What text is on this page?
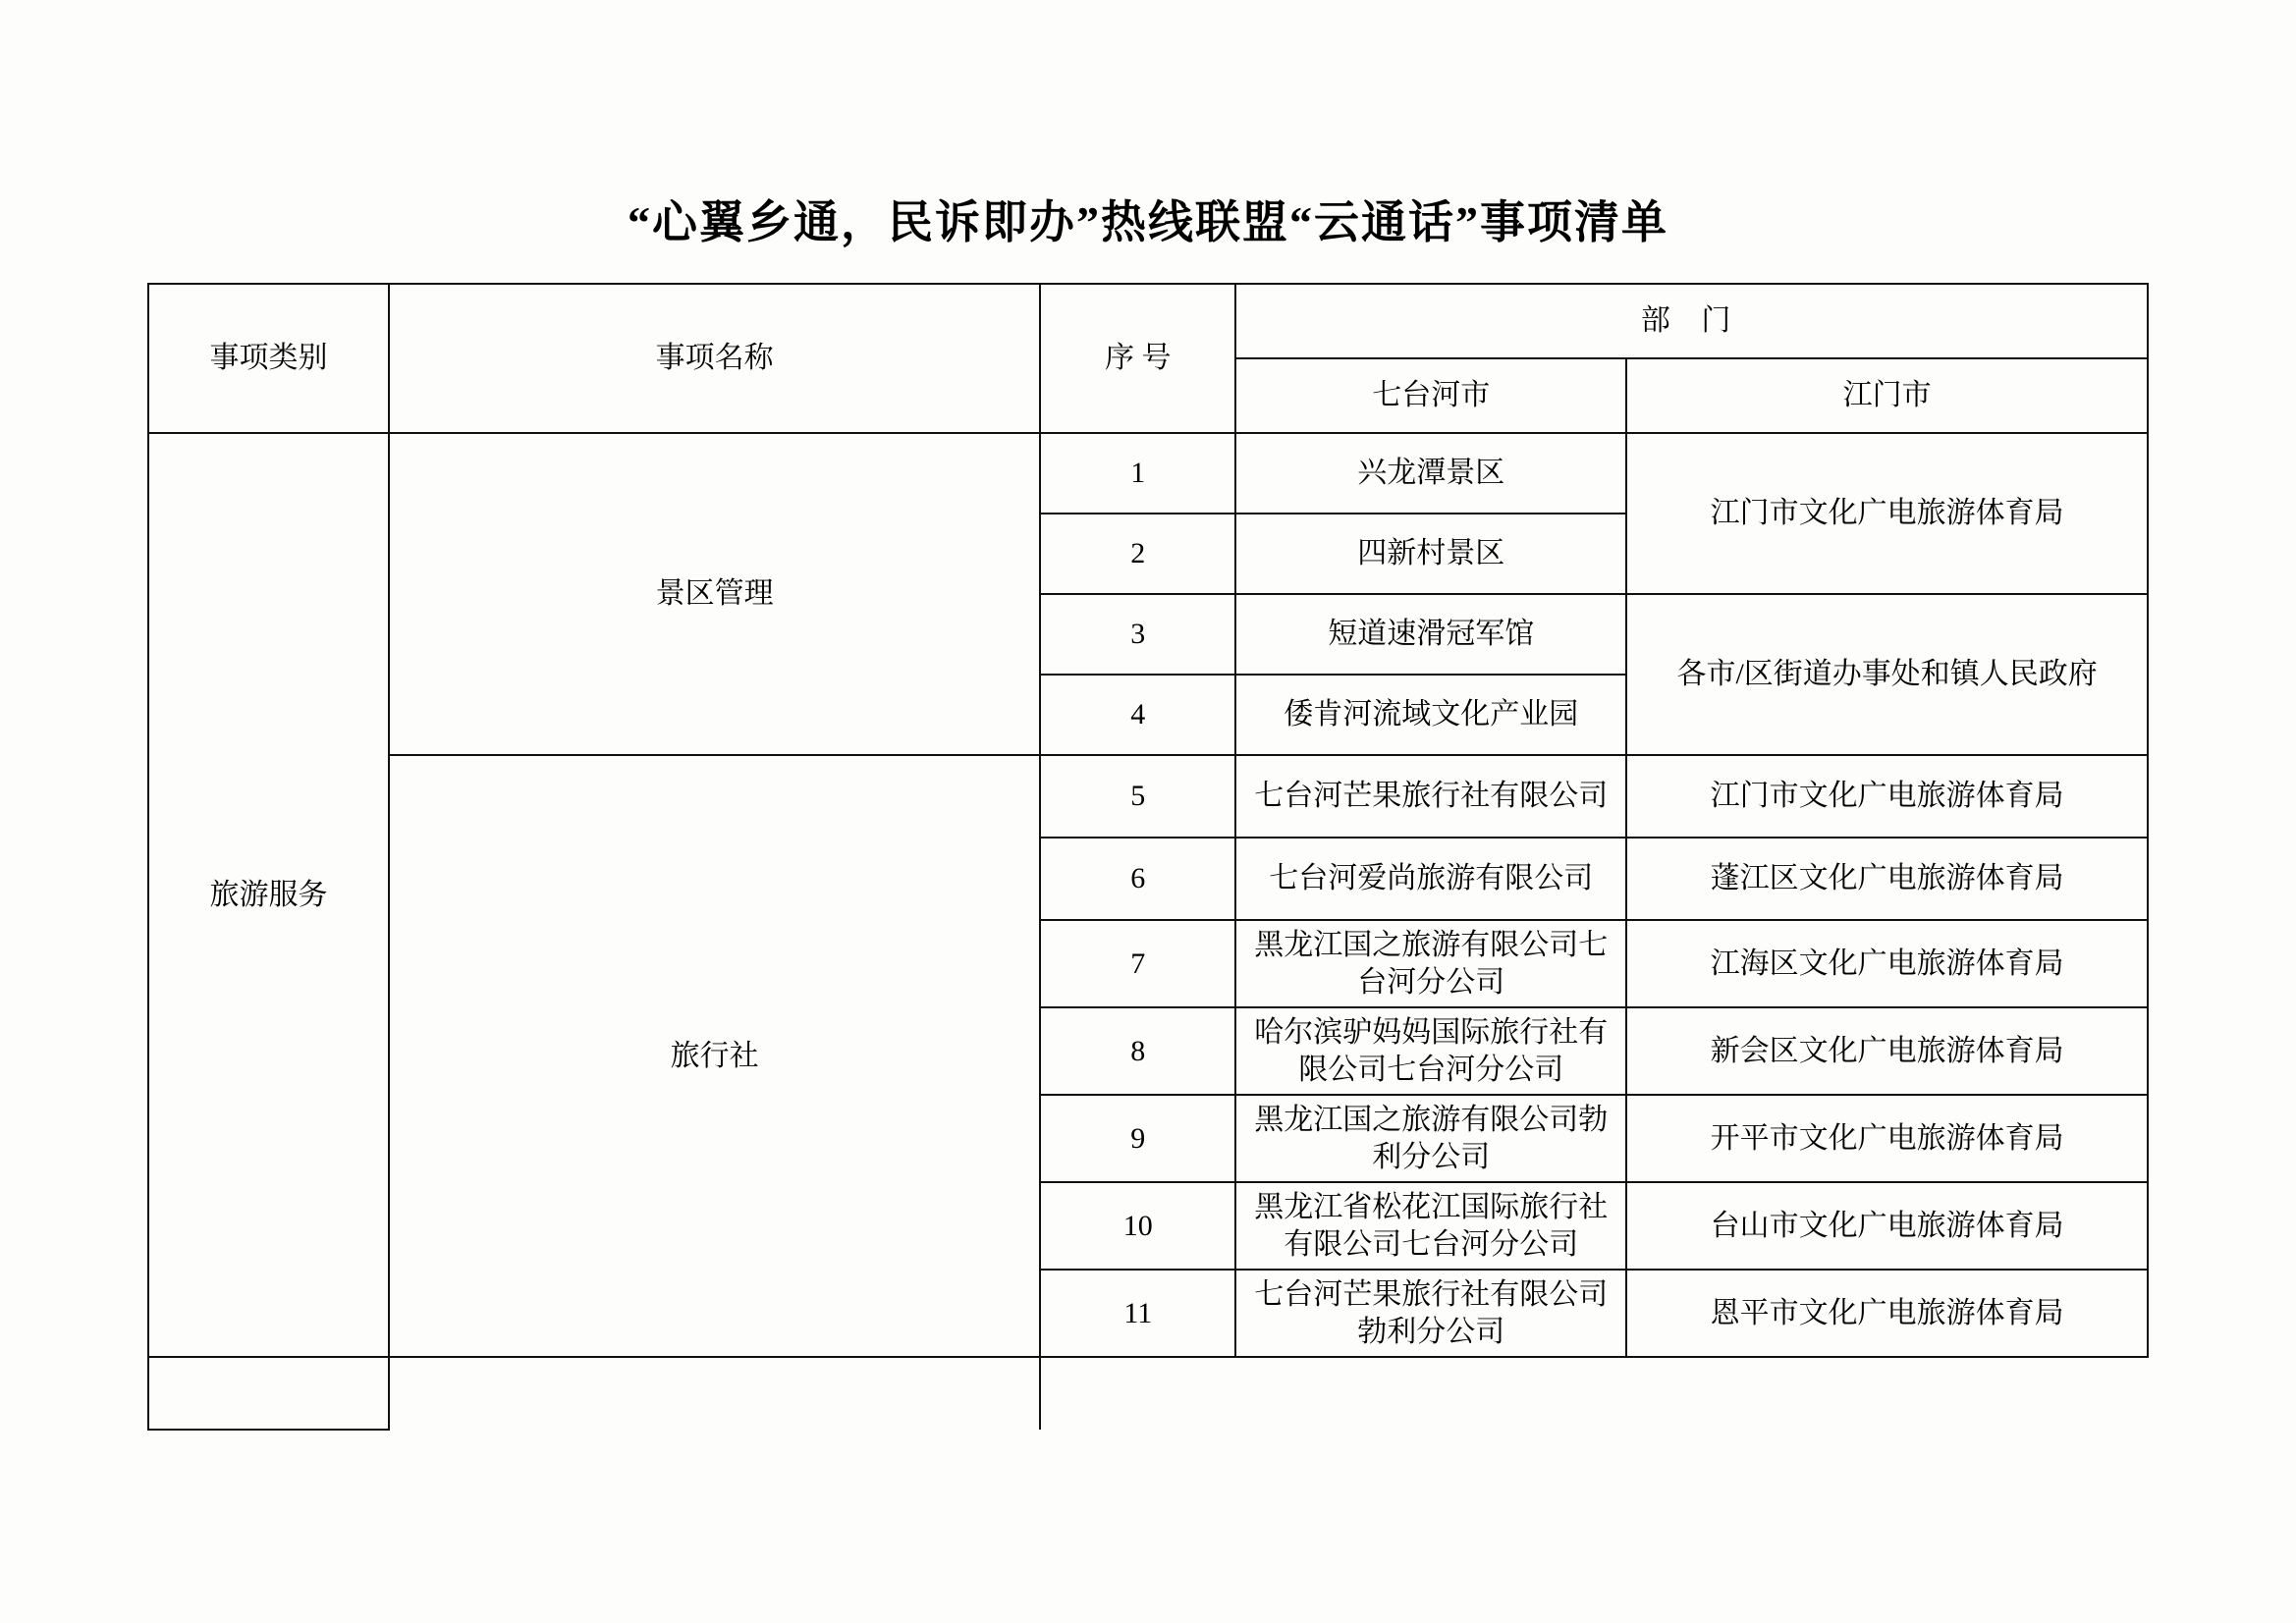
“心翼乡通，民诉即办”热线联盟“云通话”事项清单
事项类别	事项名称	序 号	部 门	
			七台河市	江门市
旅游服务	景区管理	1	兴龙潭景区	江门市文化广电旅游体育局
		2	四新村景区	
		3	短道速滑冠军馆	各市/区街道办事处和镇人民政府
		4	倭肯河流域文化产业园	
	旅行社	5	七台河芒果旅行社有限公司	江门市文化广电旅游体育局
		6	七台河爱尚旅游有限公司	蓬江区文化广电旅游体育局
		7	黑龙江国之旅游有限公司七台河分公司	江海区文化广电旅游体育局
		8	哈尔滨驴妈妈国际旅行社有限公司七台河分公司	新会区文化广电旅游体育局
		9	黑龙江国之旅游有限公司勃利分公司	开平市文化广电旅游体育局
		10	黑龙江省松花江国际旅行社有限公司七台河分公司	台山市文化广电旅游体育局
		11	七台河芒果旅行社有限公司勃利分公司	恩平市文化广电旅游体育局
